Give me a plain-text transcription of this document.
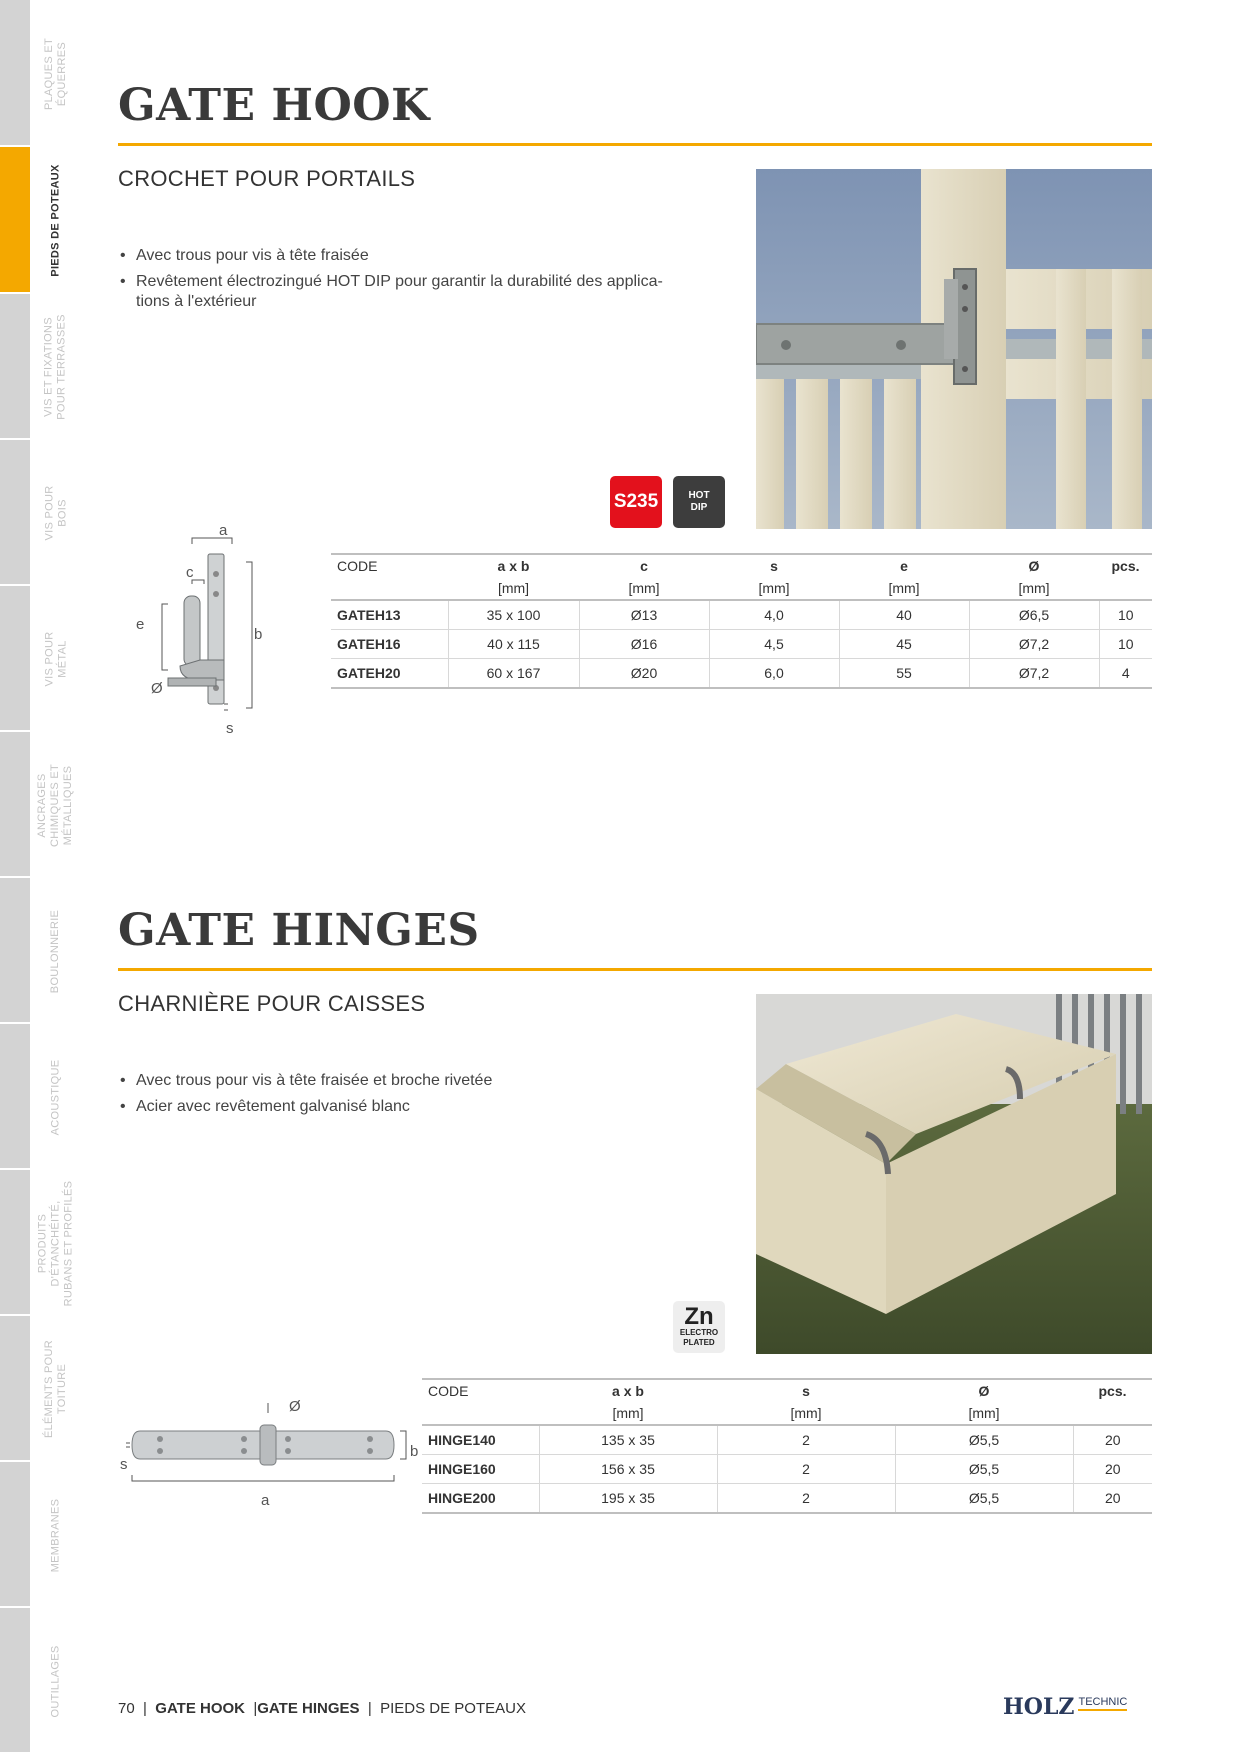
PLAQUES ET
ÉQUERRES
PIEDS DE POTEAUX
VIS ET FIXATIONS
POUR TERRASSES
VIS POUR
BOIS
VIS POUR
MÉTAL
ANCRAGES
CHIMIQUES ET
MÉTALLIQUES
BOULONNERIE
ACOUSTIQUE
PRODUITS
D'ÉTANCHÉITÉ,
RUBANS ET PROFILÉS
ÉLÉMENTS POUR
TOITURE
MEMBRANES
OUTILLAGES
GATE HOOK
CROCHET POUR PORTAILS
• Avec trous pour vis à tête fraisée
• Revêtement électrozingué HOT DIP pour garantir la durabilité des applica-
tions à l'extérieur
S235	HOT
DIP
a
b
c
e
Ø
s
CODE	a x b	c	s	e	Ø	pcs.
	[mm]	[mm]	[mm]	[mm]	[mm]	
GATEH13	35 x 100	Ø13	4,0	40	Ø6,5	10
GATEH16	40 x 115	Ø16	4,5	45	Ø7,2	10
GATEH20	60 x 167	Ø20	6,0	55	Ø7,2	4
GATE HINGES
CHARNIÈRE POUR CAISSES
• Avec trous pour vis à tête fraisée et broche rivetée
• Acier avec revêtement galvanisé blanc
Zn
ELECTRO
PLATED
Ø
b
s
a
CODE	a x b	s	Ø	pcs.
	[mm]	[mm]	[mm]	
HINGE140	135 x 35	2	Ø5,5	20
HINGE160	156 x 35	2	Ø5,5	20
HINGE200	195 x 35	2	Ø5,5	20
70 | GATE HOOK |GATE HINGES | PIEDS DE POTEAUX	HOLZ TECHNIC
